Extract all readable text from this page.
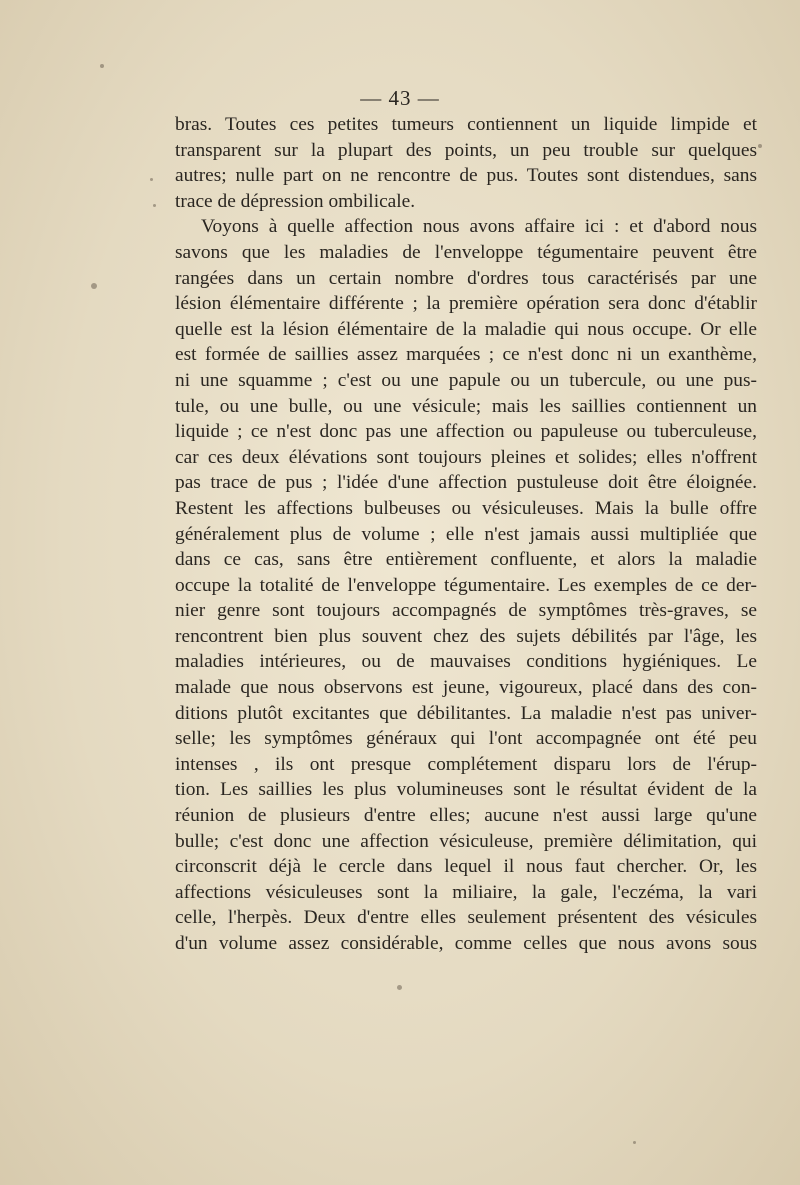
— 43 —
bras. Toutes ces petites tumeurs contiennent un liquide limpide et
transparent sur la plupart des points, un peu trouble sur quelques
autres; nulle part on ne rencontre de pus. Toutes sont distendues, sans
trace de dépression ombilicale.
Voyons à quelle affection nous avons affaire ici : et d'abord nous
savons que les maladies de l'enveloppe tégumentaire peuvent être
rangées dans un certain nombre d'ordres tous caractérisés par une
lésion élémentaire différente ; la première opération sera donc d'établir
quelle est la lésion élémentaire de la maladie qui nous occupe. Or elle
est formée de saillies assez marquées ; ce n'est donc ni un exanthème,
ni une squamme ; c'est ou une papule ou un tubercule, ou une pus-
tule, ou une bulle, ou une vésicule; mais les saillies contiennent un
liquide ; ce n'est donc pas une affection ou papuleuse ou tuberculeuse,
car ces deux élévations sont toujours pleines et solides; elles n'offrent
pas trace de pus ; l'idée d'une affection pustuleuse doit être éloignée.
Restent les affections bulbeuses ou vésiculeuses. Mais la bulle offre
généralement plus de volume ; elle n'est jamais aussi multipliée que
dans ce cas, sans être entièrement confluente, et alors la maladie
occupe la totalité de l'enveloppe tégumentaire. Les exemples de ce der-
nier genre sont toujours accompagnés de symptômes très-graves, se
rencontrent bien plus souvent chez des sujets débilités par l'âge, les
maladies intérieures, ou de mauvaises conditions hygiéniques. Le
malade que nous observons est jeune, vigoureux, placé dans des con-
ditions plutôt excitantes que débilitantes. La maladie n'est pas univer-
selle; les symptômes généraux qui l'ont accompagnée ont été peu
intenses , ils ont presque complétement disparu lors de l'érup-
tion. Les saillies les plus volumineuses sont le résultat évident de la
réunion de plusieurs d'entre elles; aucune n'est aussi large qu'une
bulle; c'est donc une affection vésiculeuse, première délimitation, qui
circonscrit déjà le cercle dans lequel il nous faut chercher. Or, les
affections vésiculeuses sont la miliaire, la gale, l'eczéma, la vari
celle, l'herpès. Deux d'entre elles seulement présentent des vésicules
d'un volume assez considérable, comme celles que nous avons sous
